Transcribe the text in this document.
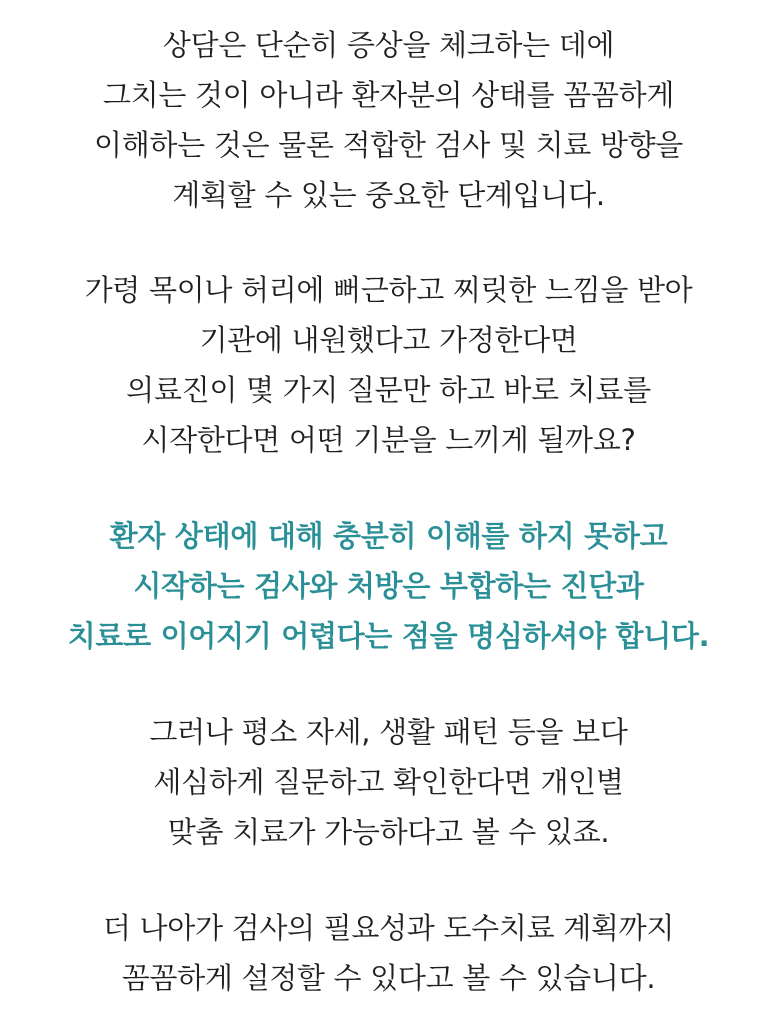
상담은 단순히 증상을 체크하는 데에
그치는 것이 아니라 환자분의 상태를 꼼꼼하게
이해하는 것은 물론 적합한 검사 및 치료 방향을
계획할 수 있는 중요한 단계입니다.
가령 목이나 허리에 뻐근하고 찌릿한 느낌을 받아
기관에 내원했다고 가정한다면
의료진이 몇 가지 질문만 하고 바로 치료를
시작한다면 어떤 기분을 느끼게 될까요?
환자 상태에 대해 충분히 이해를 하지 못하고
시작하는 검사와 처방은 부합하는 진단과
치료로 이어지기 어렵다는 점을 명심하셔야 합니다.
그러나 평소 자세, 생활 패턴 등을 보다
세심하게 질문하고 확인한다면 개인별
맞춤 치료가 가능하다고 볼 수 있죠.
더 나아가 검사의 필요성과 도수치료 계획까지
꼼꼼하게 설정할 수 있다고 볼 수 있습니다.
